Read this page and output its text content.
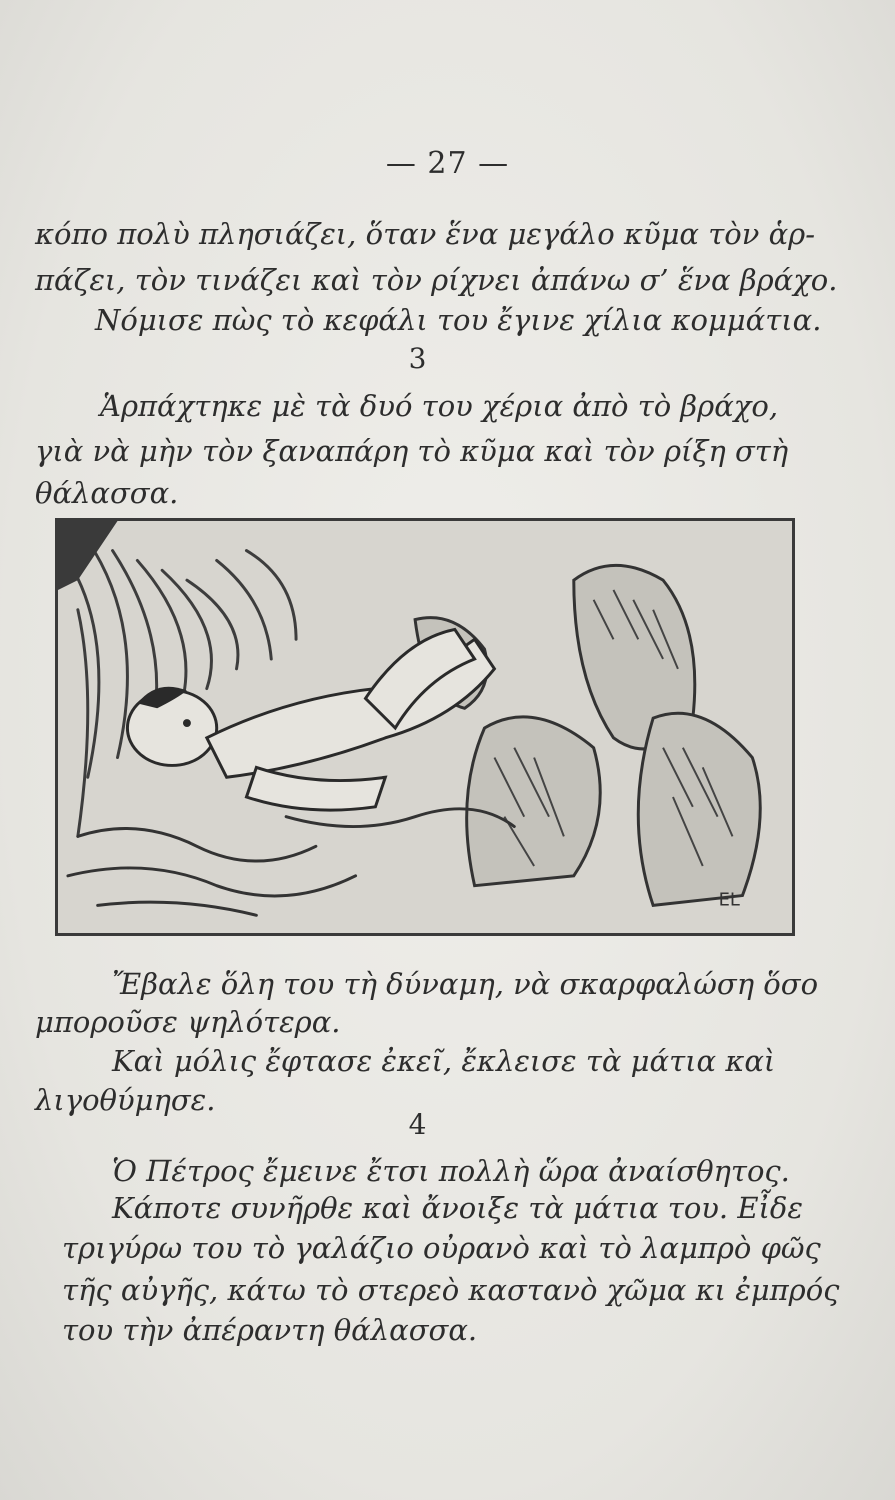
— 27 —
κόπο πολὺ πλησιάζει, ὅταν ἕνα μεγάλο κῦμα τὸν ἁρ-
πάζει, τὸν τινάζει καὶ τὸν ρίχνει ἀπάνω σ’ ἕνα βράχο.
Νόμισε πὼς τὸ κεφάλι του ἔγινε χίλια κομμάτια.
3
Ἁρπάχτηκε μὲ τὰ δυό του χέρια ἀπὸ τὸ βράχο,
γιὰ νὰ μὴν τὸν ξαναπάρη τὸ κῦμα καὶ τὸν ρίξη στὴ
θάλασσα.
EL
Ἔβαλε ὅλη του τὴ δύναμη, νὰ σκαρφαλώση ὅσο
μποροῦσε ψηλότερα.
Καὶ μόλις ἔφτασε ἐκεῖ, ἔκλεισε τὰ μάτια καὶ
λιγοθύμησε.
4
Ὁ Πέτρος ἔμεινε ἔτσι πολλὴ ὥρα ἀναίσθητος.
Κάποτε συνῆρθε καὶ ἄνοιξε τὰ μάτια του. Εἶδε
τριγύρω του τὸ γαλάζιο οὐρανὸ καὶ τὸ λαμπρὸ φῶς
τῆς αὐγῆς, κάτω τὸ στερεὸ καστανὸ χῶμα κι ἐμπρός
του τὴν ἀπέραντη θάλασσα.
